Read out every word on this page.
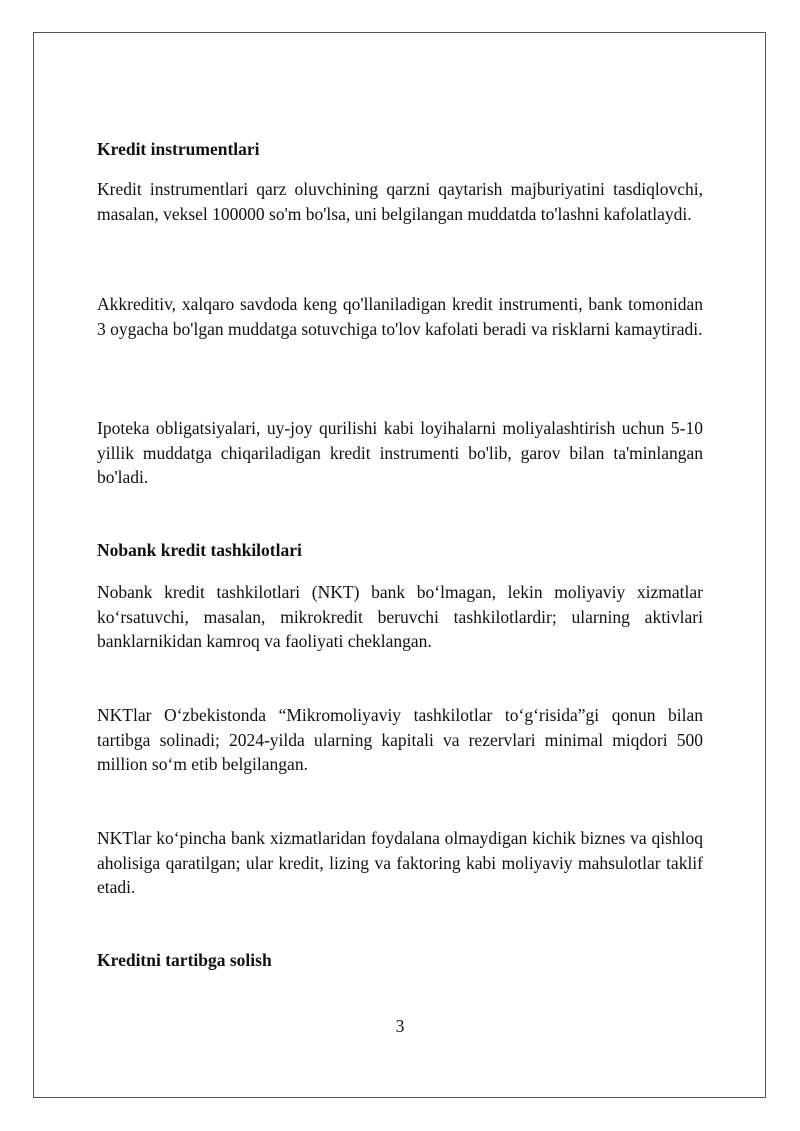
Kredit instrumentlari

Kredit instrumentlari qarz oluvchining qarzni qaytarish majburiyatini tasdiqlovchi, masalan, veksel 100000 so'm bo'lsa, uni belgilangan muddatda to'lashni kafolatlaydi.

Akkreditiv, xalqaro savdoda keng qo'llaniladigan kredit instrumenti, bank tomonidan 3 oygacha bo'lgan muddatga sotuvchiga to'lov kafolati beradi va risklarni kamaytiradi.

Ipoteka obligatsiyalari, uy-joy qurilishi kabi loyihalarni moliyalashtirish uchun 5-10 yillik muddatga chiqariladigan kredit instrumenti bo'lib, garov bilan ta'minlangan bo'ladi.

Nobank kredit tashkilotlari

Nobank kredit tashkilotlari (NKT) bank bo‘lmagan, lekin moliyaviy xizmatlar ko‘rsatuvchi, masalan, mikrokredit beruvchi tashkilotlardir; ularning aktivlari banklarnikidan kamroq va faoliyati cheklangan.

NKTlar O‘zbekistonda “Mikromoliyaviy tashkilotlar to‘g‘risida”gi qonun bilan tartibga solinadi; 2024-yilda ularning kapitali va rezervlari minimal miqdori 500 million so‘m etib belgilangan.

NKTlar ko‘pincha bank xizmatlaridan foydalana olmaydigan kichik biznes va qishloq aholisiga qaratilgan; ular kredit, lizing va faktoring kabi moliyaviy mahsulotlar taklif etadi.

Kreditni tartibga solish
3
